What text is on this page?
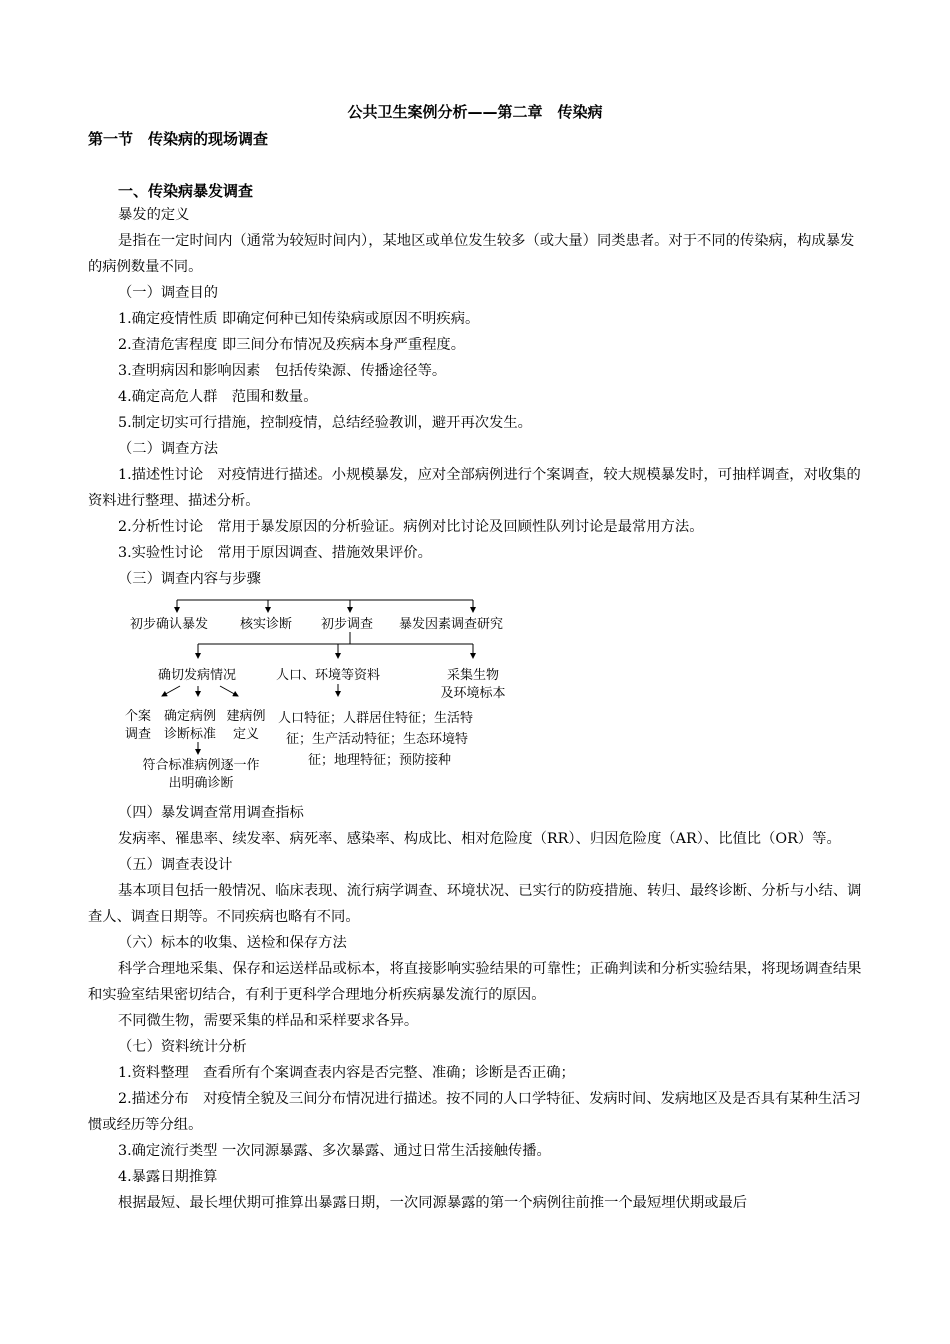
公共卫生案例分析——第二章　传染病
第一节　传染病的现场调查
一、传染病暴发调查

暴发的定义

是指在一定时间内（通常为较短时间内），某地区或单位发生较多（或大量）同类患者。对于不同的传染病，构成暴发的病例数量不同。

（一）调查目的

1.确定疫情性质 即确定何种已知传染病或原因不明疾病。

2.查清危害程度 即三间分布情况及疾病本身严重程度。

3.查明病因和影响因素　包括传染源、传播途径等。

4.确定高危人群　范围和数量。

5.制定切实可行措施，控制疫情，总结经验教训，避开再次发生。

（二）调查方法

1.描述性讨论　对疫情进行描述。小规模暴发，应对全部病例进行个案调查，较大规模暴发时，可抽样调查，对收集的资料进行整理、描述分析。

2.分析性讨论　常用于暴发原因的分析验证。病例对比讨论及回顾性队列讨论是最常用方法。

3.实验性讨论　常用于原因调查、措施效果评价。

（三）调查内容与步骤

初步确认暴发 核实诊断 初步调查 暴发因素调查研究
确切发病情况	人口、环境等资料	采集生物
及环境标本
个案
调查
确定病例
诊断标准
建病例
定义
人口特征；人群居住特征；生活特
征；生产活动特征；生态环境特
征；地理特征；预防接种
符合标准病例逐一作
出明确诊断

（四）暴发调查常用调查指标

发病率、罹患率、续发率、病死率、感染率、构成比、相对危险度（RR）、归因危险度（AR）、比值比（OR）等。

（五）调查表设计

基本项目包括一般情况、临床表现、流行病学调查、环境状况、已实行的防疫措施、转归、最终诊断、分析与小结、调查人、调查日期等。不同疾病也略有不同。

（六）标本的收集、送检和保存方法

科学合理地采集、保存和运送样品或标本，将直接影响实验结果的可靠性；正确判读和分析实验结果，将现场调查结果和实验室结果密切结合，有利于更科学合理地分析疾病暴发流行的原因。

不同微生物，需要采集的样品和采样要求各异。

（七）资料统计分析

1.资料整理　查看所有个案调查表内容是否完整、准确；诊断是否正确；

2.描述分布　对疫情全貌及三间分布情况进行描述。按不同的人口学特征、发病时间、发病地区及是否具有某种生活习惯或经历等分组。

3.确定流行类型 一次同源暴露、多次暴露、通过日常生活接触传播。

4.暴露日期推算

根据最短、最长埋伏期可推算出暴露日期，一次同源暴露的第一个病例往前推一个最短埋伏期或最后
